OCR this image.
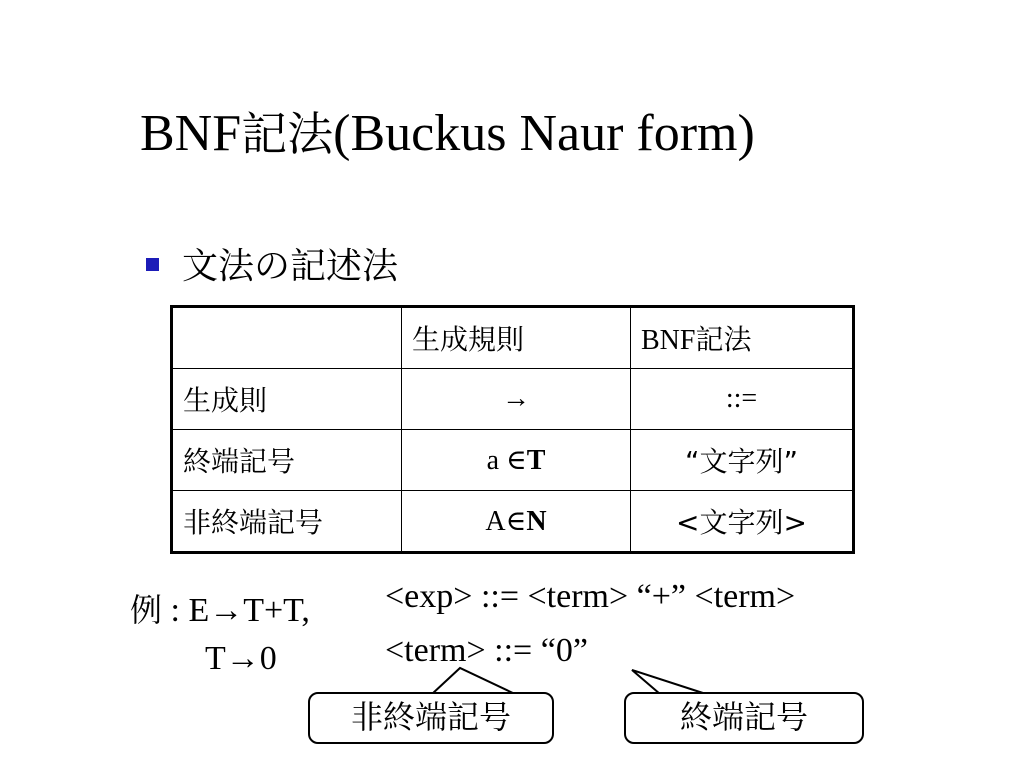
BNF記法(Buckus Naur form)
文法の記述法
	生成規則	BNF記法
生成則	→	::=
終端記号	a ∈T	“文字列”
非終端記号	A∈N	<文字列>
例 : E→T+T,
T→0
<exp> ::= <term> “+” <term>
<term> ::= “0”
非終端記号	終端記号
